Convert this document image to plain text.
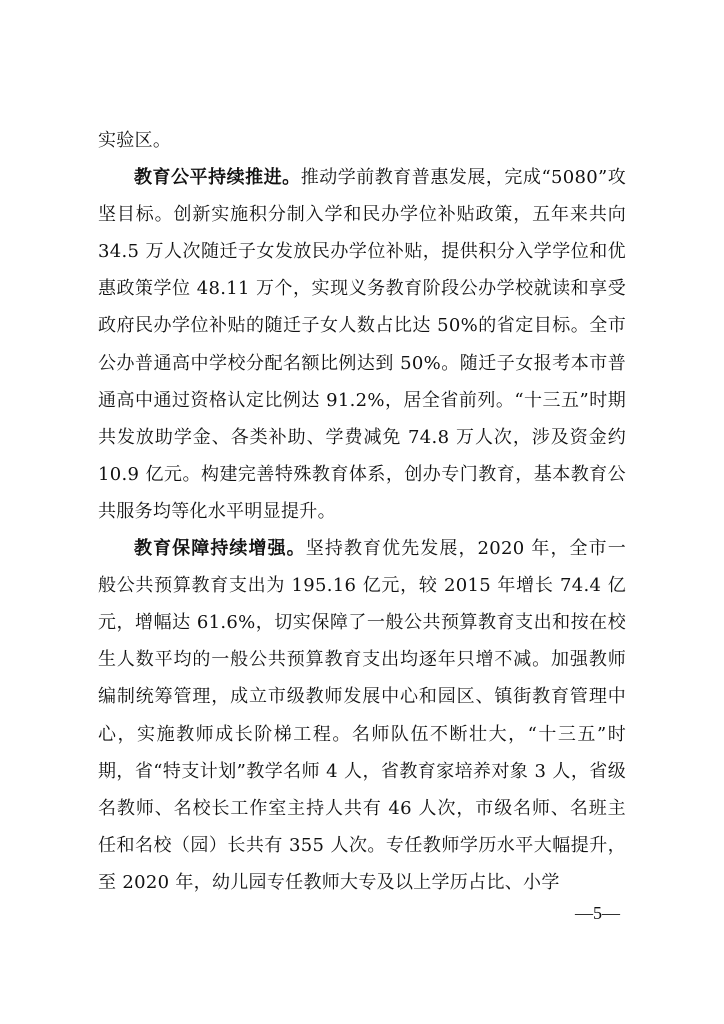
实验区。

教育公平持续推进。推动学前教育普惠发展，完成“5080”攻坚目标。创新实施积分制入学和民办学位补贴政策，五年来共向 34.5 万人次随迁子女发放民办学位补贴，提供积分入学学位和优惠政策学位 48.11 万个，实现义务教育阶段公办学校就读和享受政府民办学位补贴的随迁子女人数占比达 50%的省定目标。全市公办普通高中学校分配名额比例达到 50%。随迁子女报考本市普通高中通过资格认定比例达 91.2%，居全省前列。“十三五”时期共发放助学金、各类补助、学费减免 74.8 万人次，涉及资金约 10.9 亿元。构建完善特殊教育体系，创办专门教育，基本教育公共服务均等化水平明显提升。

教育保障持续增强。坚持教育优先发展，2020 年，全市一般公共预算教育支出为 195.16 亿元，较 2015 年增长 74.4 亿元，增幅达 61.6%，切实保障了一般公共预算教育支出和按在校生人数平均的一般公共预算教育支出均逐年只增不减。加强教师编制统筹管理，成立市级教师发展中心和园区、镇街教育管理中心，实施教师成长阶梯工程。名师队伍不断壮大，“十三五”时期，省“特支计划”教学名师 4 人，省教育家培养对象 3 人，省级名教师、名校长工作室主持人共有 46 人次，市级名师、名班主任和名校（园）长共有 355 人次。专任教师学历水平大幅提升，至 2020 年，幼儿园专任教师大专及以上学历占比、小学

—5—
